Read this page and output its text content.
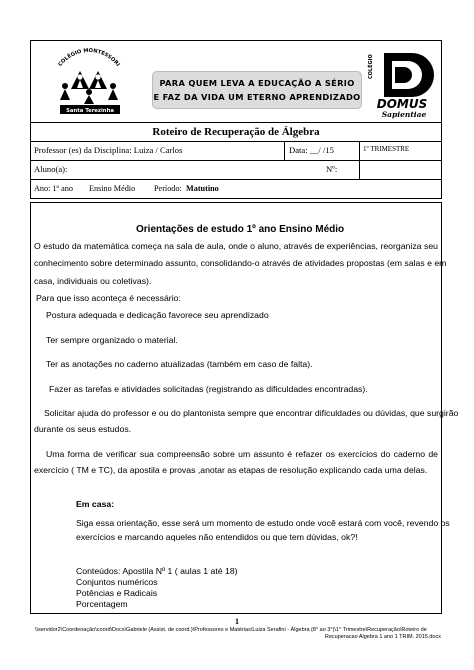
COLÉGIO MONTESSORI
Santa Terezinha
PARA QUEM LEVA A EDUCAÇÃO A SÉRIO
E FAZ DA VIDA UM ETERNO APRENDIZADO
COLÉGIO
DOMUS
Sapientiae
Roteiro de Recuperação de Álgebra
Professor (es) da Disciplina: Luiza / Carlos	Data: __/ /15	1º TRIMESTRE
Aluno(a):	Nº:
Ano: 1º ano Ensino Médio Período: Matutino
Orientações de estudo 1º ano Ensino Médio
O estudo da matemática começa na sala de aula, onde o aluno, através de experiências, reorganiza seu
conhecimento sobre determinado assunto, consolidando-o através de atividades propostas (em salas e em
casa, individuais ou coletivas).
Para que isso aconteça é necessário:
Postura adequada e dedicação favorece seu aprendizado
Ter sempre organizado o material.
Ter as anotações no caderno atualizadas (também em caso de falta).
Fazer as tarefas e atividades solicitadas (registrando as dificuldades encontradas).
Solicitar ajuda do professor e ou do plantonista sempre que encontrar dificuldades ou dúvidas, que surgirão
durante os seus estudos.
Uma forma de verificar sua compreensão sobre um assunto é refazer os exercícios do caderno de
exercício ( TM e TC), da apostila e provas ,anotar as etapas de resolução explicando cada uma delas.
Em casa:
Siga essa orientação, esse será um momento de estudo onde você estará com você, revendo os
exercícios e marcando aqueles não entendidos ou que tem dúvidas, ok?!
Conteúdos: Apostila Nº 1 ( aulas 1 até 18)
Conjuntos numéricos
Potências e Radicais
Porcentagem
1
\\servidor2\Coordenação\coord\Docs\Gabriele (Assist. de coord.)\Professores e Matérias\Luiza Serafini - Álgebra (8° ao 3°)\1° Trimestre\Recuperação\Roteiro de
Recuperacao Algebra 1 ano 1 TRIM. 2015.docx
